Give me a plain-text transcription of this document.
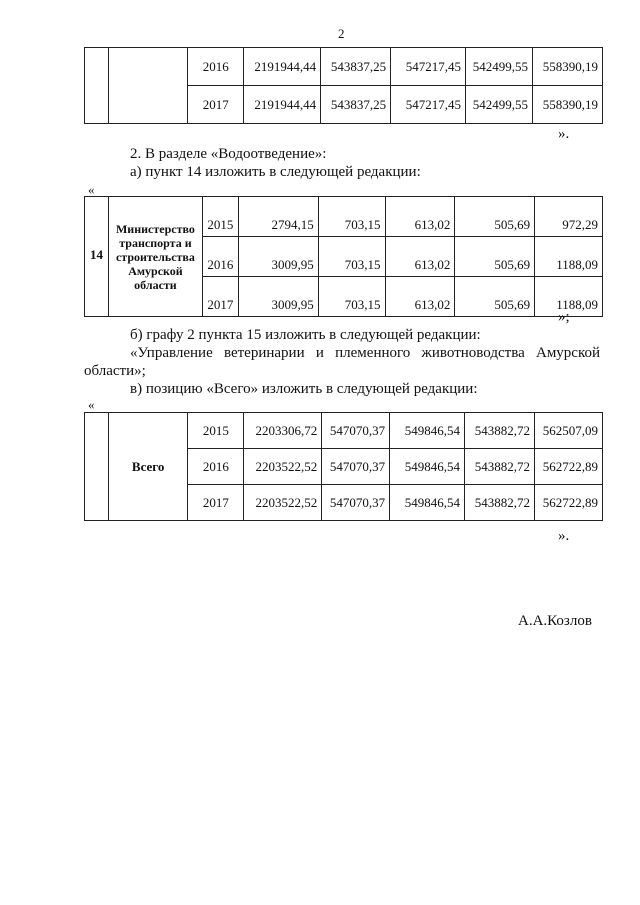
2
		2016	2191944,44	543837,25	547217,45	542499,55	558390,19
		2017	2191944,44	543837,25	547217,45	542499,55	558390,19
».
2. В разделе «Водоотведение»:
а) пункт 14 изложить в следующей редакции:
«
14	Министерство транспорта и строительства Амурской области	2015	2794,15	703,15	613,02	505,69	972,29
		2016	3009,95	703,15	613,02	505,69	1188,09
		2017	3009,95	703,15	613,02	505,69	1188,09
»;
б) графу 2 пункта 15 изложить в следующей редакции:
«Управление   ветеринарии   и   племенного   животноводства   Амурской
области»;
в) позицию «Всего» изложить в следующей редакции:
«
	Всего	2015	2203306,72	547070,37	549846,54	543882,72	562507,09
		2016	2203522,52	547070,37	549846,54	543882,72	562722,89
		2017	2203522,52	547070,37	549846,54	543882,72	562722,89
».
А.А.Козлов
